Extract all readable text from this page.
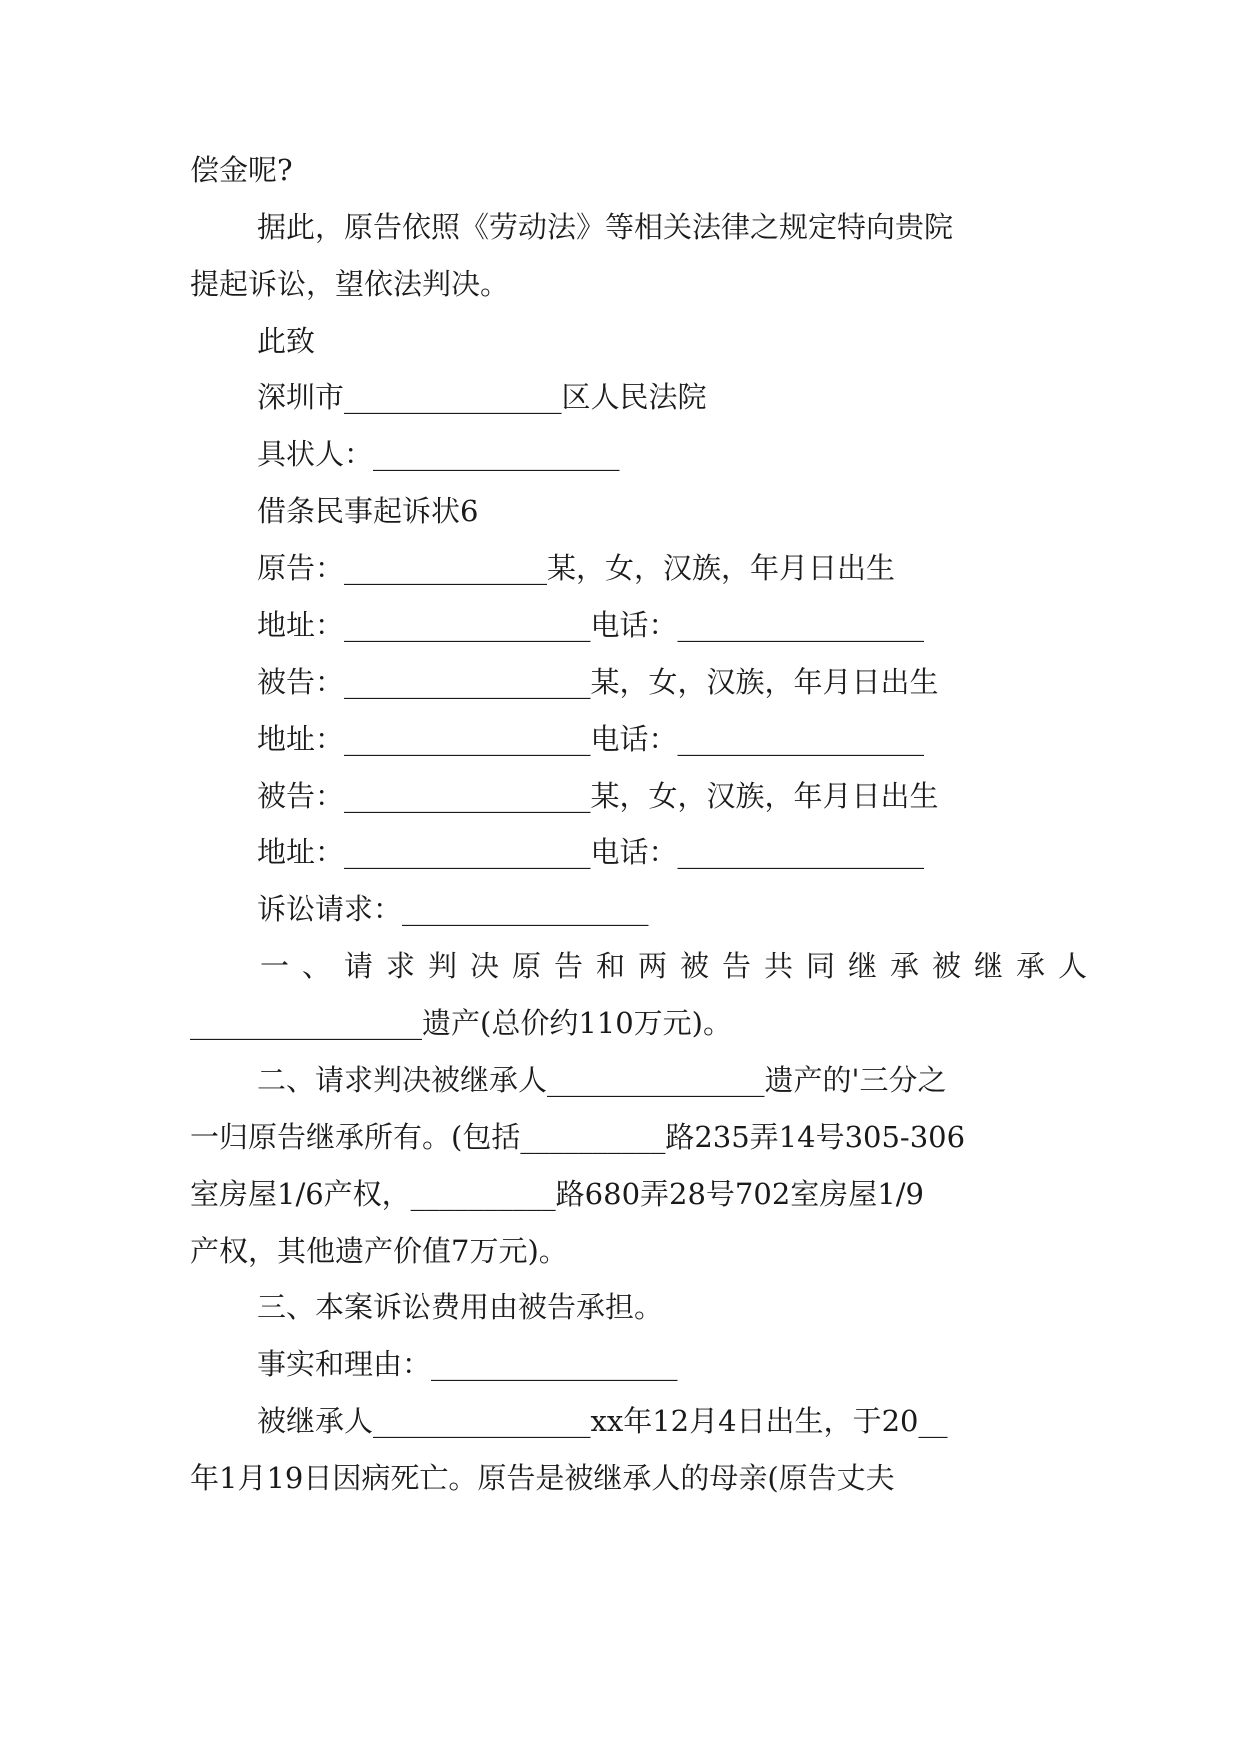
偿金呢?
据此，原告依照《劳动法》等相关法律之规定特向贵院
提起诉讼，望依法判决。
此致
深圳市_______________区人民法院
具状人：_________________
借条民事起诉状6
原告：______________某，女，汉族，年月日出生
地址：_________________电话：_________________
被告：_________________某，女，汉族，年月日出生
地址：_________________电话：_________________
被告：_________________某，女，汉族，年月日出生
地址：_________________电话：_________________
诉讼请求：_________________
一、请求判决原告和两被告共同继承被继承人
________________遗产(总价约110万元)。
二、请求判决被继承人_______________遗产的'三分之
一归原告继承所有。(包括__________路235弄14号305-306
室房屋1/6产权，__________路680弄28号702室房屋1/9
产权，其他遗产价值7万元)。
三、本案诉讼费用由被告承担。
事实和理由：_________________
被继承人_______________xx年12月4日出生，于20__
年1月19日因病死亡。原告是被继承人的母亲(原告丈夫
